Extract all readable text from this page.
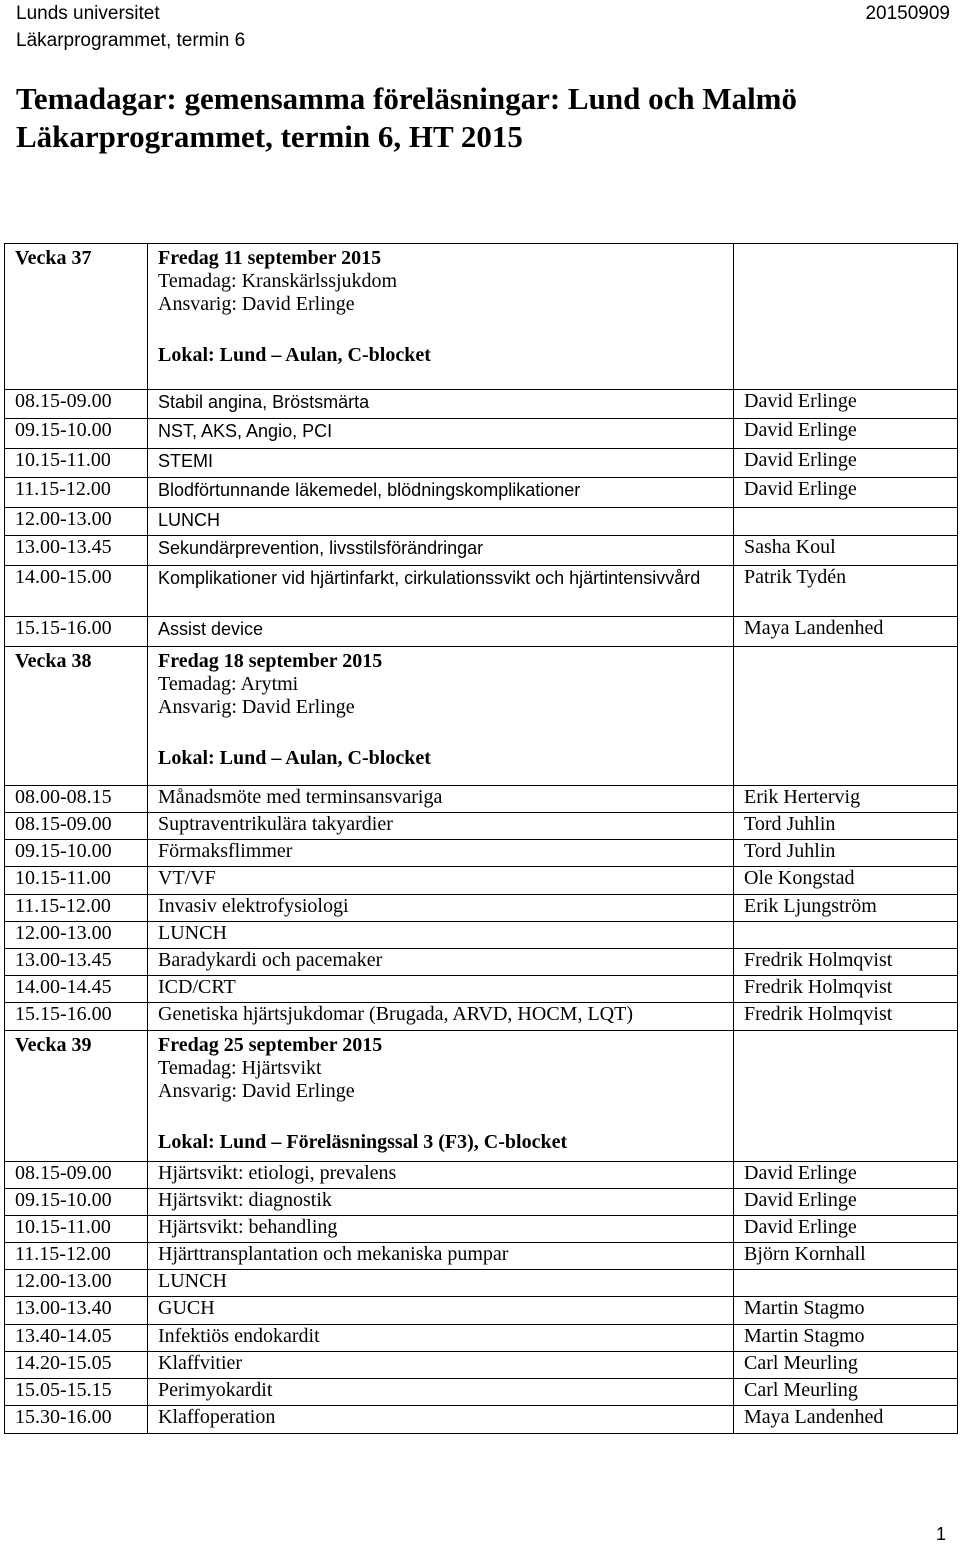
Lunds universitet
Läkarprogrammet, termin 6
20150909
Temadagar: gemensamma föreläsningar: Lund och Malmö
Läkarprogrammet, termin 6, HT 2015
Vecka 37	Fredag 11 september 2015
Temadag: Kranskärlssjukdom
Ansvarig: David Erlinge
Lokal: Lund – Aulan, C-blocket	

08.15-09.00	Stabil angina, Bröstsmärta	David Erlinge
09.15-10.00	NST, AKS, Angio, PCI	David Erlinge
10.15-11.00	STEMI	David Erlinge
11.15-12.00	Blodförtunnande läkemedel, blödningskomplikationer	David Erlinge
12.00-13.00	LUNCH	
13.00-13.45	Sekundärprevention, livsstilsförändringar	Sasha Koul
14.00-15.00	Komplikationer vid hjärtinfarkt, cirkulationssvikt och hjärtintensivvård	Patrik Tydén
15.15-16.00	Assist device	Maya Landenhed
Vecka 38	Fredag 18 september 2015
Temadag: Arytmi
Ansvarig: David Erlinge
Lokal: Lund – Aulan, C-blocket	

08.00-08.15	Månadsmöte med terminsansvariga	Erik Hertervig
08.15-09.00	Suptraventrikulära takyardier	Tord Juhlin
09.15-10.00	Förmaksflimmer	Tord Juhlin
10.15-11.00	VT/VF	Ole Kongstad
11.15-12.00	Invasiv elektrofysiologi	Erik Ljungström
12.00-13.00	LUNCH	
13.00-13.45	Baradykardi och pacemaker	Fredrik Holmqvist
14.00-14.45	ICD/CRT	Fredrik Holmqvist
15.15-16.00	Genetiska hjärtsjukdomar (Brugada, ARVD, HOCM, LQT)	Fredrik Holmqvist
Vecka 39	Fredag 25 september 2015
Temadag: Hjärtsvikt
Ansvarig: David Erlinge
Lokal: Lund – Föreläsningssal 3 (F3), C-blocket	

08.15-09.00	Hjärtsvikt: etiologi, prevalens	David Erlinge
09.15-10.00	Hjärtsvikt: diagnostik	David Erlinge
10.15-11.00	Hjärtsvikt: behandling	David Erlinge
11.15-12.00	Hjärttransplantation och mekaniska pumpar	Björn Kornhall
12.00-13.00	LUNCH	
13.00-13.40	GUCH	Martin Stagmo
13.40-14.05	Infektiös endokardit	Martin Stagmo
14.20-15.05	Klaffvitier	Carl Meurling
15.05-15.15	Perimyokardit	Carl Meurling
15.30-16.00	Klaffoperation	Maya Landenhed
1
